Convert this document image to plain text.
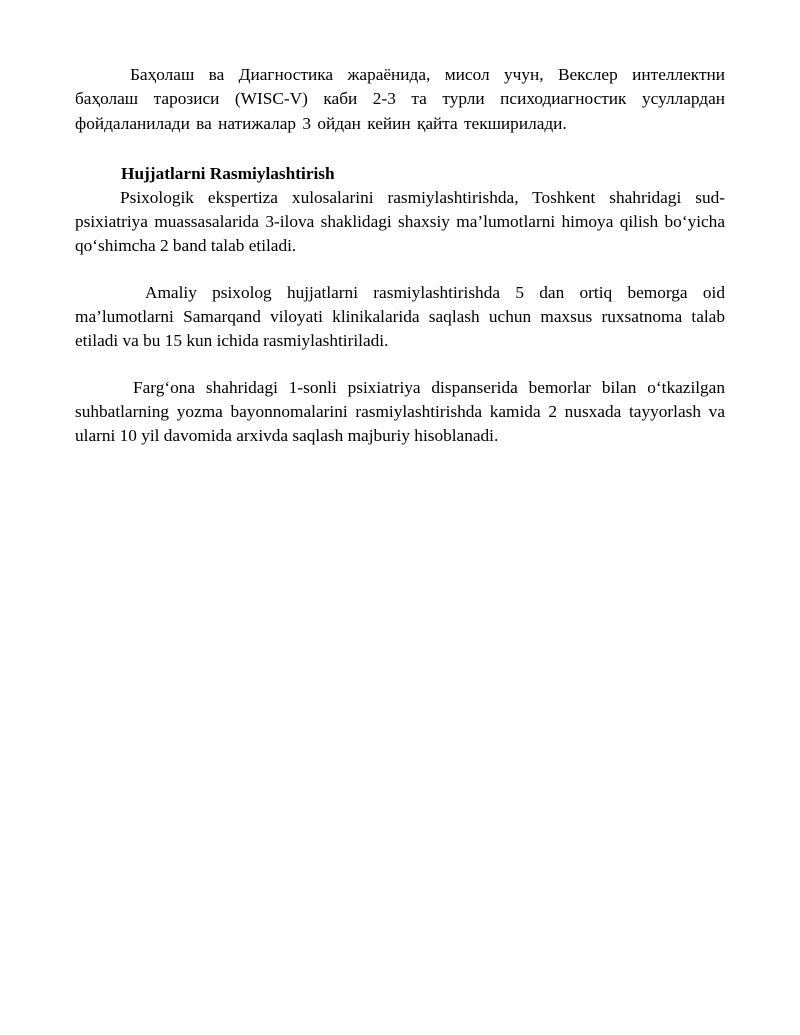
Баҳолаш ва Диагностика жараёнида, мисол учун, Векслер интеллектни баҳолаш тарозиси (WISC-V) каби 2-3 та турли психодиагностик усуллардан фойдаланилади ва натижалар 3 ойдан кейин қайта текширилади.

Hujjatlarni Rasmiylashtirish

Psixologik ekspertiza xulosalarini rasmiylashtirishda, Toshkent shahridagi sud-psixiatriya muassasalarida 3-ilova shaklidagi shaxsiy ma’lumotlarni himoya qilish bo‘yicha qo‘shimcha 2 band talab etiladi.

Amaliy psixolog hujjatlarni rasmiylashtirishda 5 dan ortiq bemorga oid ma’lumotlarni Samarqand viloyati klinikalarida saqlash uchun maxsus ruxsatnoma talab etiladi va bu 15 kun ichida rasmiylashtiriladi.

Farg‘ona shahridagi 1-sonli psixiatriya dispanserida bemorlar bilan o‘tkazilgan suhbatlarning yozma bayonnomalarini rasmiylashtirishda kamida 2 nusxada tayyorlash va ularni 10 yil davomida arxivda saqlash majburiy hisoblanadi.
